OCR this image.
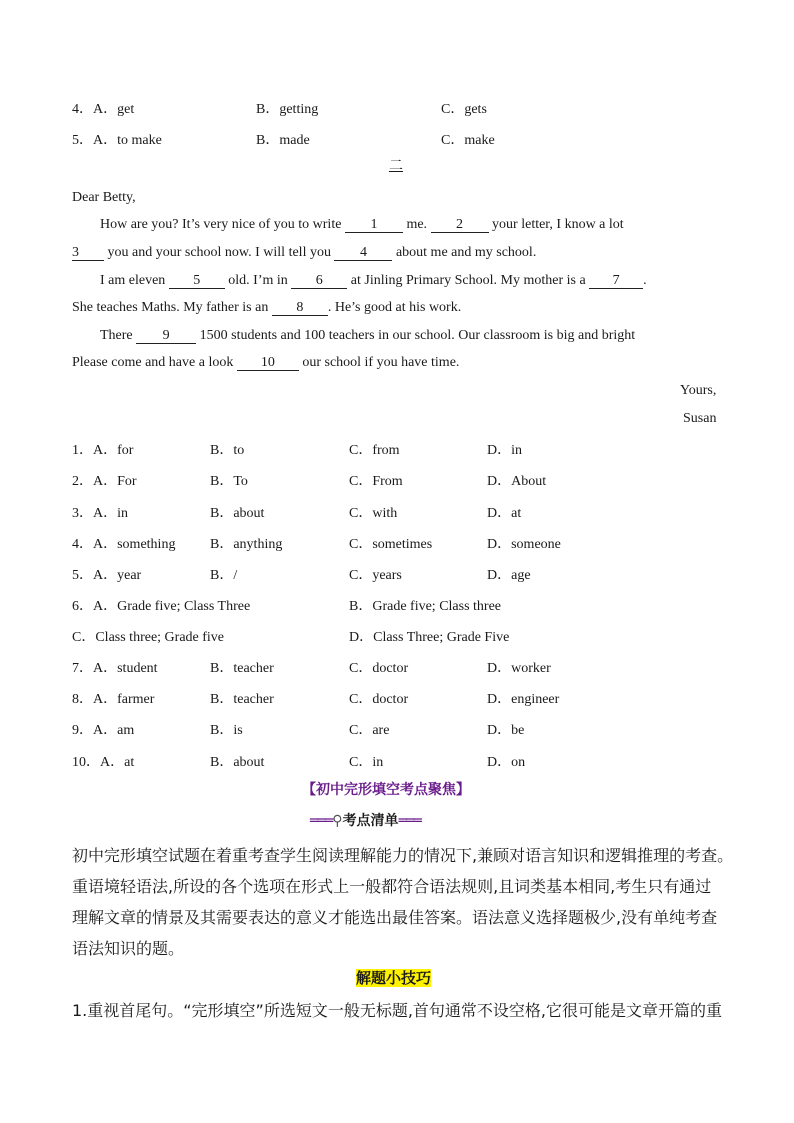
4．A．get	B．getting	C．gets
5．A．to make	B．made	C．make
二
Dear Betty,
How are you? It’s very nice of you to write 1 me. 2 your letter, I know a lot
3 you and your school now. I will tell you 4 about me and my school.
I am eleven 5 old. I’m in 6 at Jinling Primary School. My mother is a 7 .
She teaches Maths. My father is an 8 . He’s good at his work.
There 9 1500 students and 100 teachers in our school. Our classroom is big and bright
Please come and have a look 10 our school if you have time.
Yours,
Susan
1．A．for	B．to	C．from	D．in
2．A．For	B．To	C．From	D．About
3．A．in	B．about	C．with	D．at
4．A．something B．anything	C．sometimes	D．someone
5．A．year	B．/	C．years	D．age
6．A．Grade five; Class Three	B．Grade five; Class three
C．Class three; Grade five	D．Class Three; Grade Five
7．A．student	B．teacher	C．doctor	D．worker
8．A．farmer	B．teacher	C．doctor	D．engineer
9．A．am	B．is	C．are	D．be
10．A．at	B．about	C．in	D．on
【初中完形填空考点聚焦】
═══⚲考点清单═══
初中完形填空试题在着重考查学生阅读理解能力的情况下,兼顾对语言知识和逻辑推理的考查。
重语境轻语法,所设的各个选项在形式上一般都符合语法规则,且词类基本相同,考生只有通过
理解文章的情景及其需要表达的意义才能选出最佳答案。语法意义选择题极少,没有单纯考查
语法知识的题。
解题小技巧
1.重视首尾句。“完形填空”所选短文一般无标题,首句通常不设空格,它很可能是文章开篇的重
